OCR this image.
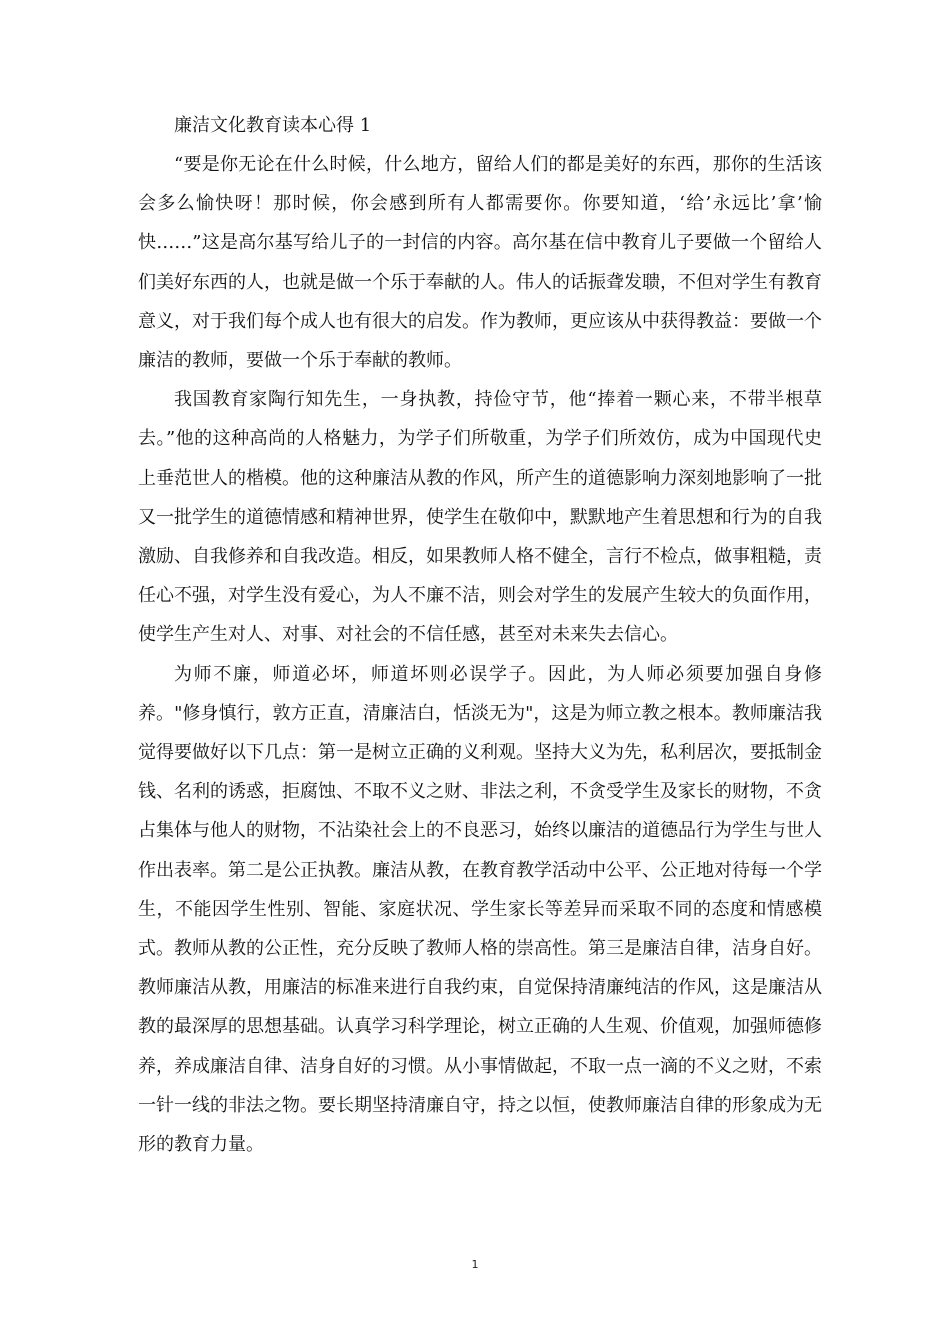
廉洁文化教育读本心得 1

“要是你无论在什么时候，什么地方，留给人们的都是美好的东西，那你的生活该会多么愉快呀！那时候，你会感到所有人都需要你。你要知道，‘给’永远比’拿’愉快……”这是高尔基写给儿子的一封信的内容。高尔基在信中教育儿子要做一个留给人们美好东西的人，也就是做一个乐于奉献的人。伟人的话振聋发聩，不但对学生有教育意义，对于我们每个成人也有很大的启发。作为教师，更应该从中获得教益：要做一个廉洁的教师，要做一个乐于奉献的教师。

我国教育家陶行知先生，一身执教，持俭守节，他“捧着一颗心来，不带半根草去。”他的这种高尚的人格魅力，为学子们所敬重，为学子们所效仿，成为中国现代史上垂范世人的楷模。他的这种廉洁从教的作风，所产生的道德影响力深刻地影响了一批又一批学生的道德情感和精神世界，使学生在敬仰中，默默地产生着思想和行为的自我激励、自我修养和自我改造。相反，如果教师人格不健全，言行不检点，做事粗糙，责任心不强，对学生没有爱心，为人不廉不洁，则会对学生的发展产生较大的负面作用，使学生产生对人、对事、对社会的不信任感，甚至对未来失去信心。

为师不廉，师道必坏，师道坏则必误学子。因此，为人师必须要加强自身修养。"修身慎行，敦方正直，清廉洁白，恬淡无为"，这是为师立教之根本。教师廉洁我觉得要做好以下几点：第一是树立正确的义利观。坚持大义为先，私利居次，要抵制金钱、名利的诱惑，拒腐蚀、不取不义之财、非法之利，不贪受学生及家长的财物，不贪占集体与他人的财物，不沾染社会上的不良恶习，始终以廉洁的道德品行为学生与世人作出表率。第二是公正执教。廉洁从教，在教育教学活动中公平、公正地对待每一个学生，不能因学生性别、智能、家庭状况、学生家长等差异而采取不同的态度和情感模式。教师从教的公正性，充分反映了教师人格的崇高性。第三是廉洁自律，洁身自好。教师廉洁从教，用廉洁的标准来进行自我约束，自觉保持清廉纯洁的作风，这是廉洁从教的最深厚的思想基础。认真学习科学理论，树立正确的人生观、价值观，加强师德修养，养成廉洁自律、洁身自好的习惯。从小事情做起，不取一点一滴的不义之财，不索一针一线的非法之物。要长期坚持清廉自守，持之以恒，使教师廉洁自律的形象成为无形的教育力量。

1
